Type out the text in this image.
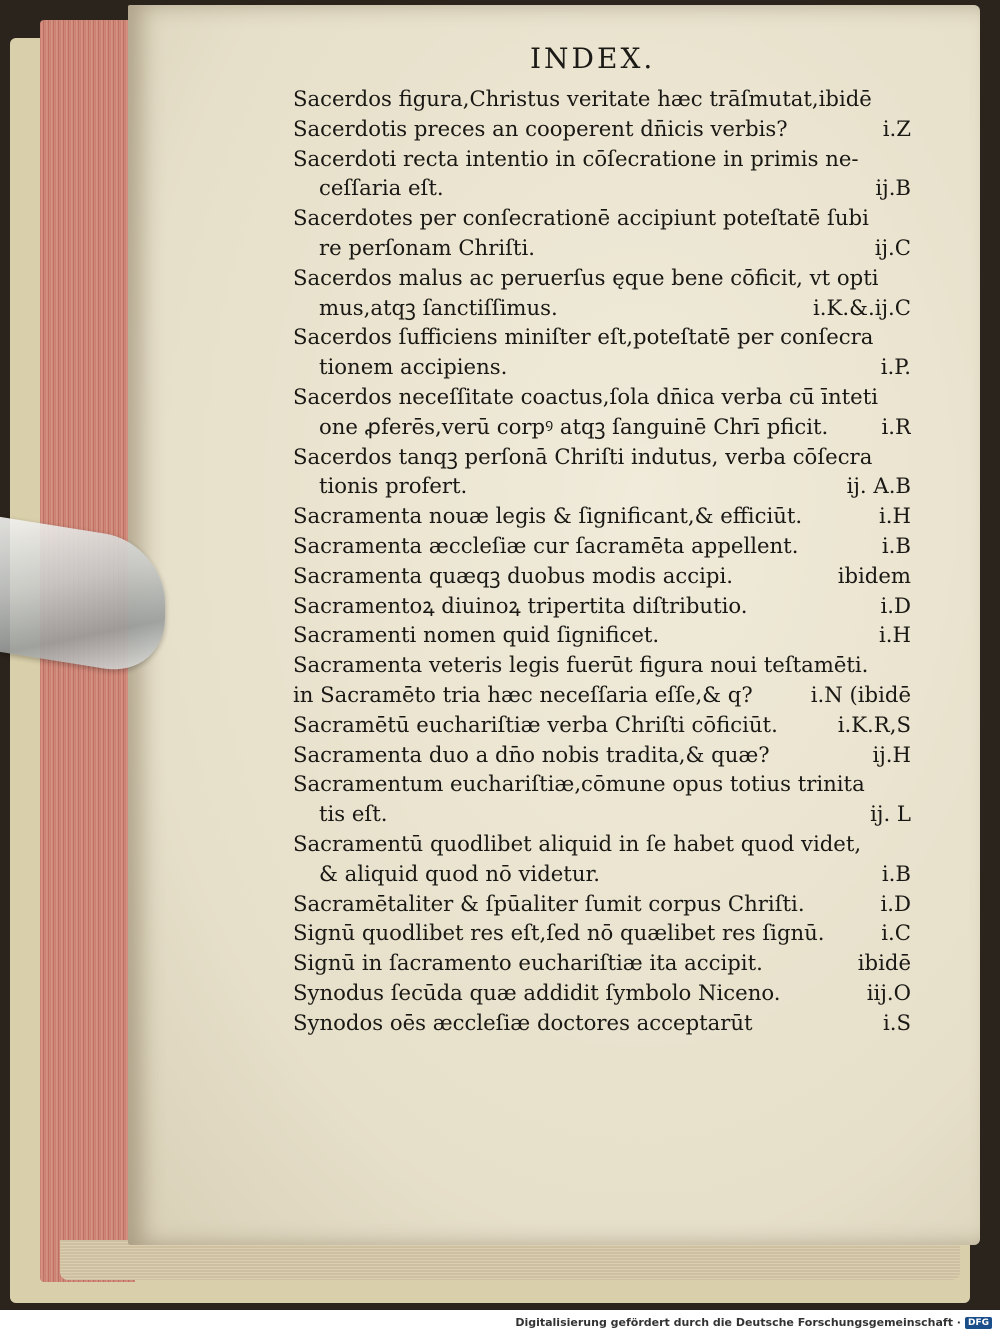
INDEX.
Sacerdos figura,Christus veritate hæc trāſmutat,ibidē
Sacerdotis preces an cooperent dn̄icis verbis?	i.Z
Sacerdoti recta intentio in cōſecratione in primis ne-
ceſſaria eſt.	ij.B
Sacerdotes per conſecrationē accipiunt poteſtatē ſubi
re perſonam Chriſti.	ij.C
Sacerdos malus ac peruerſus ęque bene cōficit, vt opti
mus,atqꝫ ſanctiſſimus.	i.K.&.ij.C
Sacerdos ſufficiens miniſter eſt,poteſtatē per conſecra
tionem accipiens.	i.P.
Sacerdos neceſſitate coactus,ſola dn̄ica verba cū̄ īnteti
one ꝓferēs,verū corpꝰ atqꝫ ſanguinē Chrī pficit.	i.R
Sacerdos tanqꝫ perſonā Chriſti indutus, verba cōſecra
tionis profert.	ij. A.B
Sacramenta nouæ legis & ſignificant,& efficiūt.	i.H
Sacramenta æccleſiæ cur ſacramēta appellent.	i.B
Sacramenta quæqꝫ duobus modis accipi.	ibidem
Sacramentoꝝ diuinoꝝ tripertita diſtributio.	i.D
Sacramenti nomen quid ſignificet.	i.H
Sacramenta veteris legis fuerūt figura noui teſtamēti.
in Sacramēto tria hæc neceſſaria eſſe,& q?	i.N (ibidē
Sacramētū euchariſtiæ verba Chriſti cōficiūt.	i.K.R,S
Sacramenta duo a dn̄o nobis tradita,& quæ?	ij.H
Sacramentum euchariſtiæ,cōmune opus totius trinita
tis eſt.	ij. L
Sacramentū quodlibet aliquid in ſe habet quod videt,
& aliquid quod nō videtur.	i.B
Sacramētaliter & ſpūaliter ſumit corpus Chriſti.	i.D
Signū quodlibet res eſt,ſed nō quælibet res ſignū.	i.C
Signū in ſacramento euchariſtiæ ita accipit.	ibidē
Synodus ſecūda quæ addidit ſymbolo Niceno.	iij.O
Synodos oēs æccleſiæ doctores acceptarūt	i.S
Digitalisierung gefördert durch die Deutsche Forschungsgemeinschaft · DFG
